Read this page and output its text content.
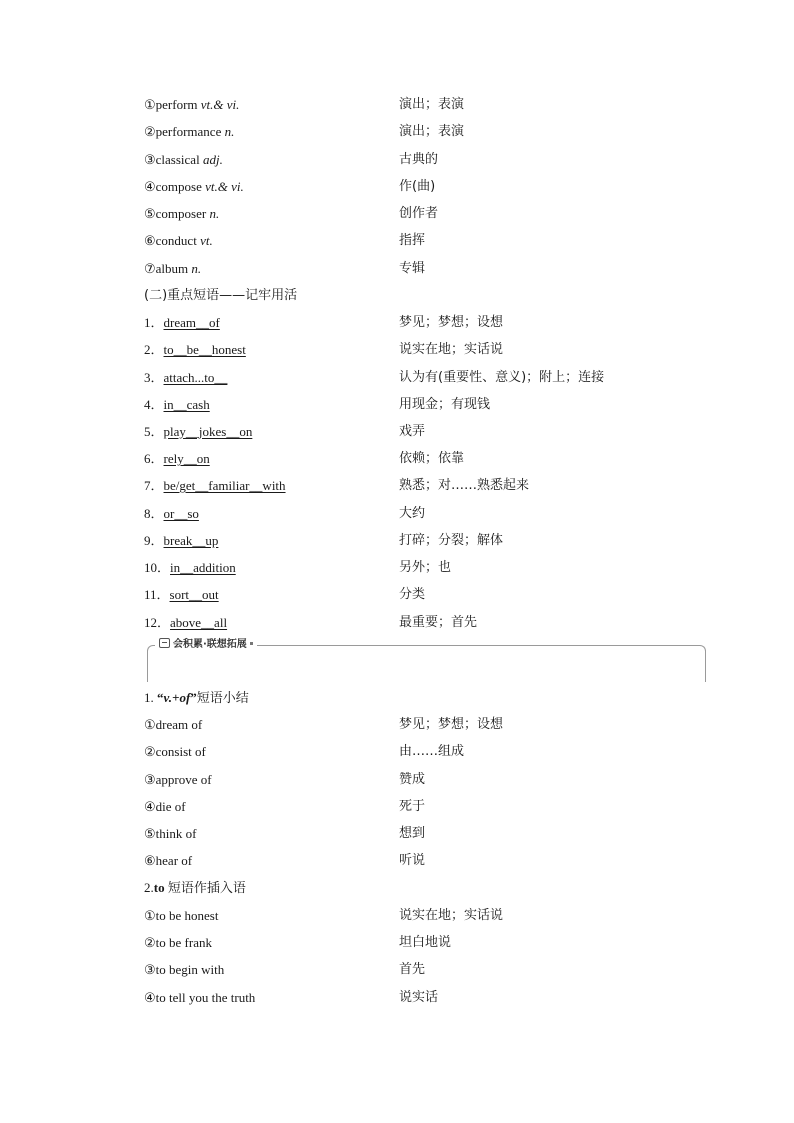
①perform vt.& vi.	演出；表演
②performance n.	演出；表演
③classical adj.	古典的
④compose vt.& vi.	作(曲)
⑤composer n.	创作者
⑥conduct vt.	指挥
⑦album n.	专辑
(二)重点短语——记牢用活
1．dream__of	梦见；梦想；设想
2．to__be__honest	说实在地；实话说
3．attach...to__	认为有(重要性、意义)；附上；连接
4．in__cash	用现金；有现钱
5．play__jokes__on	戏弄
6．rely__on	依赖；依靠
7．be/get__familiar__with	熟悉；对……熟悉起来
8．or__so	大约
9．break__up	打碎；分裂；解体
10．in__addition	另外；也
11．sort__out	分类
12．above__all	最重要；首先
会积累·联想拓展
1. “v.+of”短语小结
①dream of	梦见；梦想；设想
②consist of	由……组成
③approve of	赞成
④die of	死于
⑤think of	想到
⑥hear of	听说
2.to 短语作插入语
①to be honest	说实在地；实话说
②to be frank	坦白地说
③to begin with	首先
④to tell you the truth	说实话
